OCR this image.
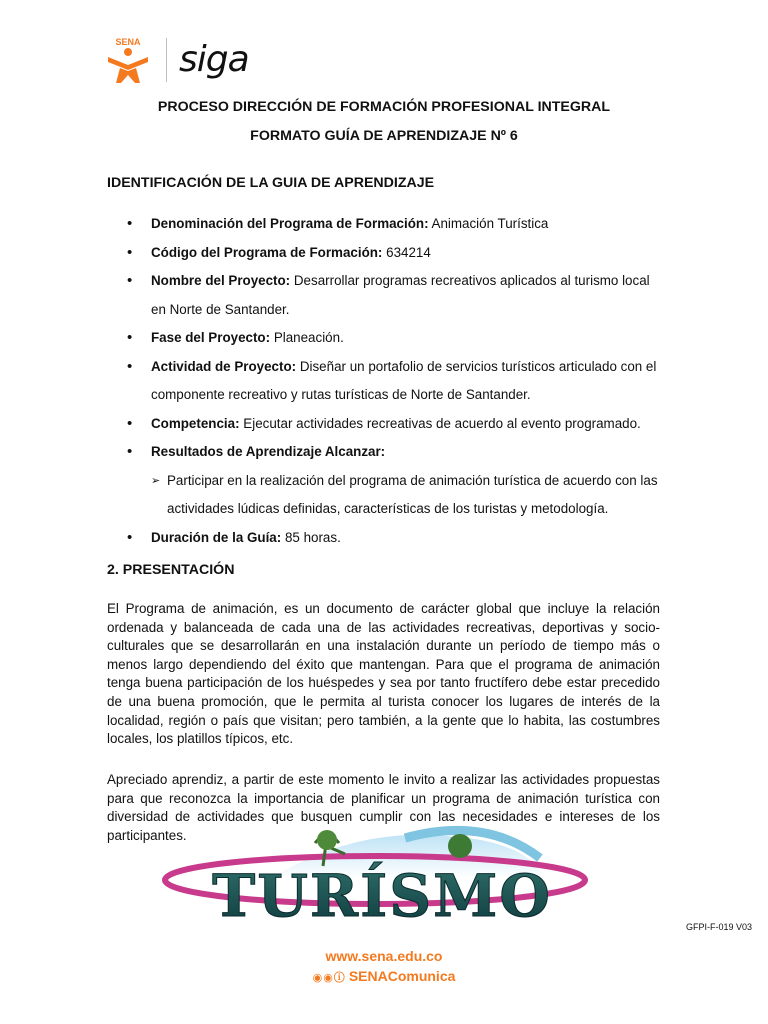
SENA siga
PROCESO DIRECCIÓN DE FORMACIÓN PROFESIONAL INTEGRAL
FORMATO GUÍA DE APRENDIZAJE Nº 6
IDENTIFICACIÓN DE LA GUIA DE APRENDIZAJE
•	Denominación del Programa de Formación: Animación Turística
•	Código del Programa de Formación: 634214
•	Nombre del Proyecto: Desarrollar programas recreativos aplicados al turismo local en Norte de Santander.
•	Fase del Proyecto: Planeación.
•	Actividad de Proyecto: Diseñar un portafolio de servicios turísticos articulado con el componente recreativo y rutas turísticas de Norte de Santander.
•	Competencia: Ejecutar actividades recreativas de acuerdo al evento programado.
•	Resultados de Aprendizaje Alcanzar:
➢ Participar en la realización del programa de animación turística de acuerdo con las actividades lúdicas definidas, características de los turistas y metodología.
•	Duración de la Guía: 85 horas.
2. PRESENTACIÓN
El Programa de animación, es un documento de carácter global que incluye la relación ordenada y balanceada de cada una de las actividades recreativas, deportivas y socio-culturales que se desarrollarán en una instalación durante un período de tiempo más o menos largo dependiendo del éxito que mantengan. Para que el programa de animación tenga buena participación de los huéspedes y sea por tanto fructífero debe estar precedido de una buena promoción, que le permita al turista conocer los lugares de interés de la localidad, región o país que visitan; pero también, a la gente que lo habita, las costumbres locales, los platillos típicos, etc.
Apreciado aprendiz, a partir de este momento le invito a realizar las actividades propuestas para que reconozca la importancia de planificar un programa de animación turística con diversidad de actividades que busquen cumplir con las necesidades e intereses de los participantes.
TURÍSMO	GFPI-F-019 V03
www.sena.edu.co
◉◉ⓘ SENAComunica
